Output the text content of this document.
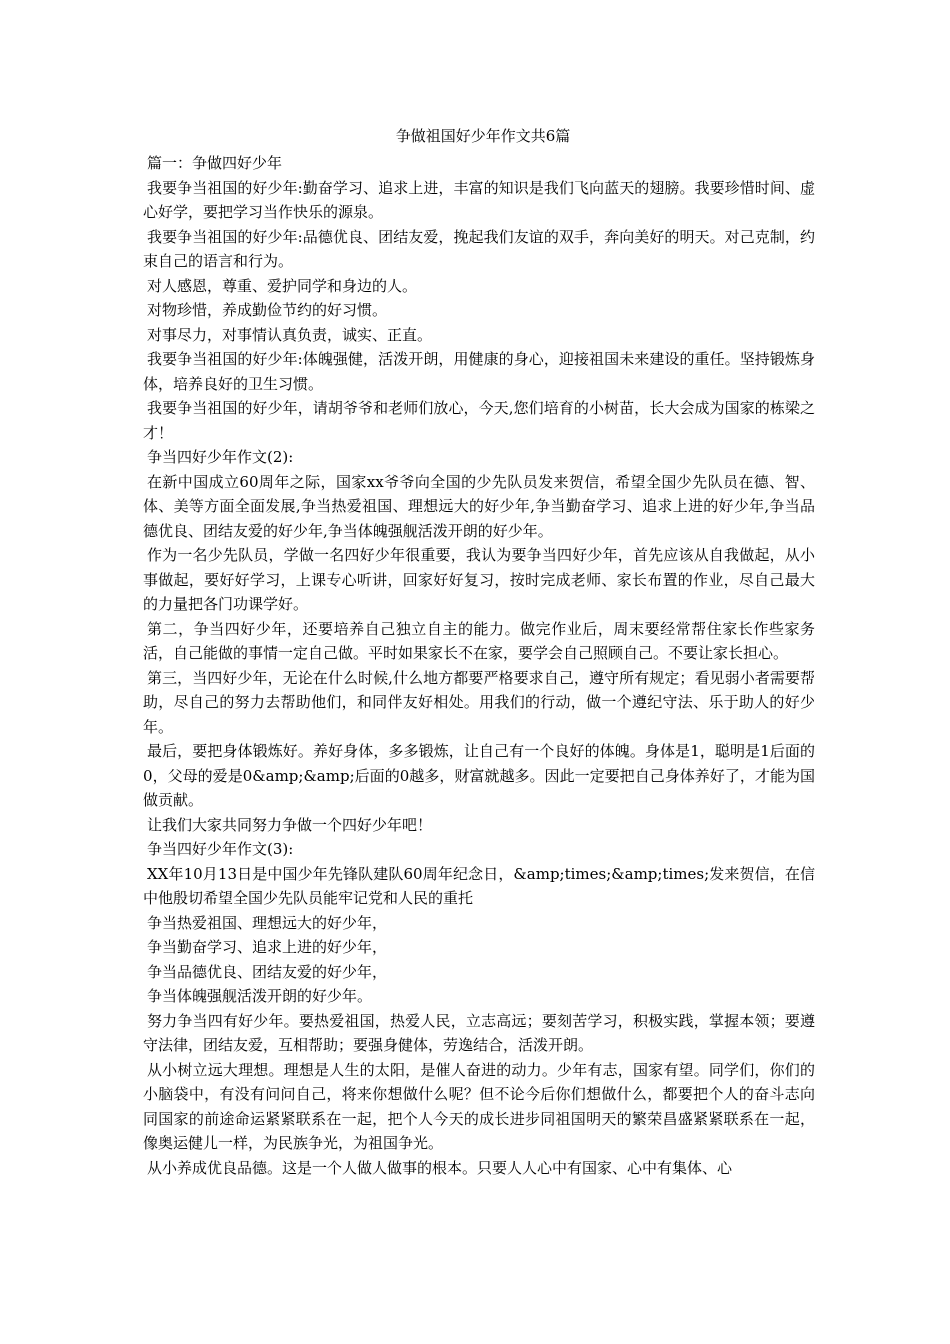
争做祖国好少年作文共6篇

篇一：争做四好少年

我要争当祖国的好少年:勤奋学习、追求上进，丰富的知识是我们飞向蓝天的翅膀。我要珍惜时间、虚心好学，要把学习当作快乐的源泉。

我要争当祖国的好少年:品德优良、团结友爱，挽起我们友谊的双手，奔向美好的明天。对己克制，约束自己的语言和行为。

对人感恩，尊重、爱护同学和身边的人。

对物珍惜，养成勤俭节约的好习惯。

对事尽力，对事情认真负责，诚实、正直。

我要争当祖国的好少年:体魄强健，活泼开朗，用健康的身心，迎接祖国未来建设的重任。坚持锻炼身体，培养良好的卫生习惯。

我要争当祖国的好少年，请胡爷爷和老师们放心，今天,您们培育的小树苗，长大会成为国家的栋梁之才！

争当四好少年作文(2):

在新中国成立60周年之际，国家xx爷爷向全国的少先队员发来贺信，希望全国少先队员在德、智、体、美等方面全面发展,争当热爱祖国、理想远大的好少年,争当勤奋学习、追求上进的好少年,争当品德优良、团结友爱的好少年,争当体魄强舰活泼开朗的好少年。

作为一名少先队员，学做一名四好少年很重要，我认为要争当四好少年，首先应该从自我做起，从小事做起，要好好学习，上课专心听讲，回家好好复习，按时完成老师、家长布置的作业，尽自己最大的力量把各门功课学好。

第二，争当四好少年，还要培养自己独立自主的能力。做完作业后，周末要经常帮住家长作些家务活，自己能做的事情一定自己做。平时如果家长不在家，要学会自己照顾自己。不要让家长担心。

第三，当四好少年，无论在什么时候,什么地方都要严格要求自己，遵守所有规定；看见弱小者需要帮助，尽自己的努力去帮助他们，和同伴友好相处。用我们的行动，做一个遵纪守法、乐于助人的好少年。

最后，要把身体锻炼好。养好身体，多多锻炼，让自己有一个良好的体魄。身体是1，聪明是1后面的0，父母的爱是0&amp;&amp;后面的0越多，财富就越多。因此一定要把自己身体养好了，才能为国做贡献。

让我们大家共同努力争做一个四好少年吧！

争当四好少年作文(3):

XX年10月13日是中国少年先锋队建队60周年纪念日，&amp;times;&amp;times;发来贺信，在信中他殷切希望全国少先队员能牢记党和人民的重托

争当热爱祖国、理想远大的好少年，

争当勤奋学习、追求上进的好少年，

争当品德优良、团结友爱的好少年，

争当体魄强舰活泼开朗的好少年。

努力争当四有好少年。要热爱祖国，热爱人民，立志高远；要刻苦学习，积极实践，掌握本领；要遵守法律，团结友爱，互相帮助；要强身健体，劳逸结合，活泼开朗。

从小树立远大理想。理想是人生的太阳，是催人奋进的动力。少年有志，国家有望。同学们，你们的小脑袋中，有没有问问自己，将来你想做什么呢？但不论今后你们想做什么，都要把个人的奋斗志向同国家的前途命运紧紧联系在一起，把个人今天的成长进步同祖国明天的繁荣昌盛紧紧联系在一起，像奥运健儿一样，为民族争光，为祖国争光。

从小养成优良品德。这是一个人做人做事的根本。只要人人心中有国家、心中有集体、心
